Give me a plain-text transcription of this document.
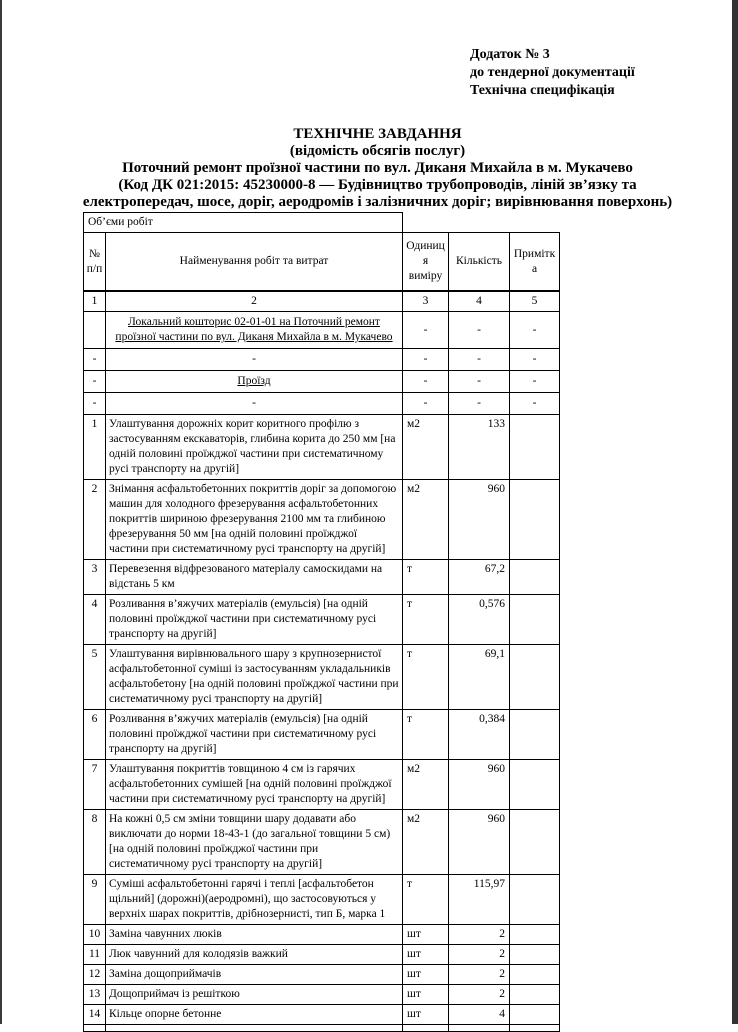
Додаток № 3
до тендерної документації
Технічна специфікація
ТЕХНІЧНЕ ЗАВДАННЯ
(відомість обсягів послуг)
Поточний ремонт проїзної частини по вул. Диканя Михайла в м. Мукачево
(Код ДК 021:2015: 45230000-8 — Будівництво трубопроводів, ліній зв’язку та електропередач, шосе, доріг, аеродромів і залізничних доріг; вирівнювання поверхонь)
Об’єми робіт				
№ п/п	Найменування робіт та витрат	Одиниця виміру	Кількість	Примітка
1	2	3	4	5
	Локальний кошторис 02-01-01 на Поточний ремонт проїзної частини по вул. Диканя Михайла в м. Мукачево	-	-	-
-	-	-	-	-
-	Проїзд	-	-	-
-	-	-	-	-
1	Улаштування дорожніх корит коритного профілю з застосуванням екскаваторів, глибина корита до 250 мм [на одній половині проїжджої частини при систематичному русі транспорту на другій]	м2	133	
2	Знімання асфальтобетонних покриттів доріг за допомогою машин для холодного фрезерування асфальтобетонних покриттів шириною фрезерування 2100 мм та глибиною фрезерування 50 мм [на одній половині проїжджої частини при систематичному русі транспорту на другій]	м2	960	
3	Перевезення відфрезованого матеріалу самоскидами на відстань 5 км	т	67,2	
4	Розливання в’яжучих матеріалів (емульсія) [на одній половині проїжджої частини при систематичному русі транспорту на другій]	т	0,576	
5	Улаштування вирівнювального шару з крупнозернистої асфальтобетонної суміші із застосуванням укладальників асфальтобетону [на одній половині проїжджої частини при систематичному русі транспорту на другій]	т	69,1	
6	Розливання в’яжучих матеріалів (емульсія) [на одній половині проїжджої частини при систематичному русі транспорту на другій]	т	0,384	
7	Улаштування покриттів товщиною 4 см із гарячих асфальтобетонних сумішей [на одній половині проїжджої частини при систематичному русі транспорту на другій]	м2	960	
8	На кожні 0,5 см зміни товщини шару додавати або виключати до норми 18-43-1 (до загальної товщини 5 см) [на одній половині проїжджої частини при систематичному русі транспорту на другій]	м2	960	
9	Суміші асфальтобетонні гарячі і теплі [асфальтобетон щільний] (дорожні)(аеродромні), що застосовуються у верхніх шарах покриттів, дрібнозернисті, тип Б, марка 1	т	115,97	
10	Заміна чавунних люків	шт	2	
11	Люк чавунний для колодязів важкий	шт	2	
12	Заміна дощоприймачів	шт	2	
13	Дощоприймач із решіткою	шт	2	
14	Кільце опорне бетонне	шт	4	
